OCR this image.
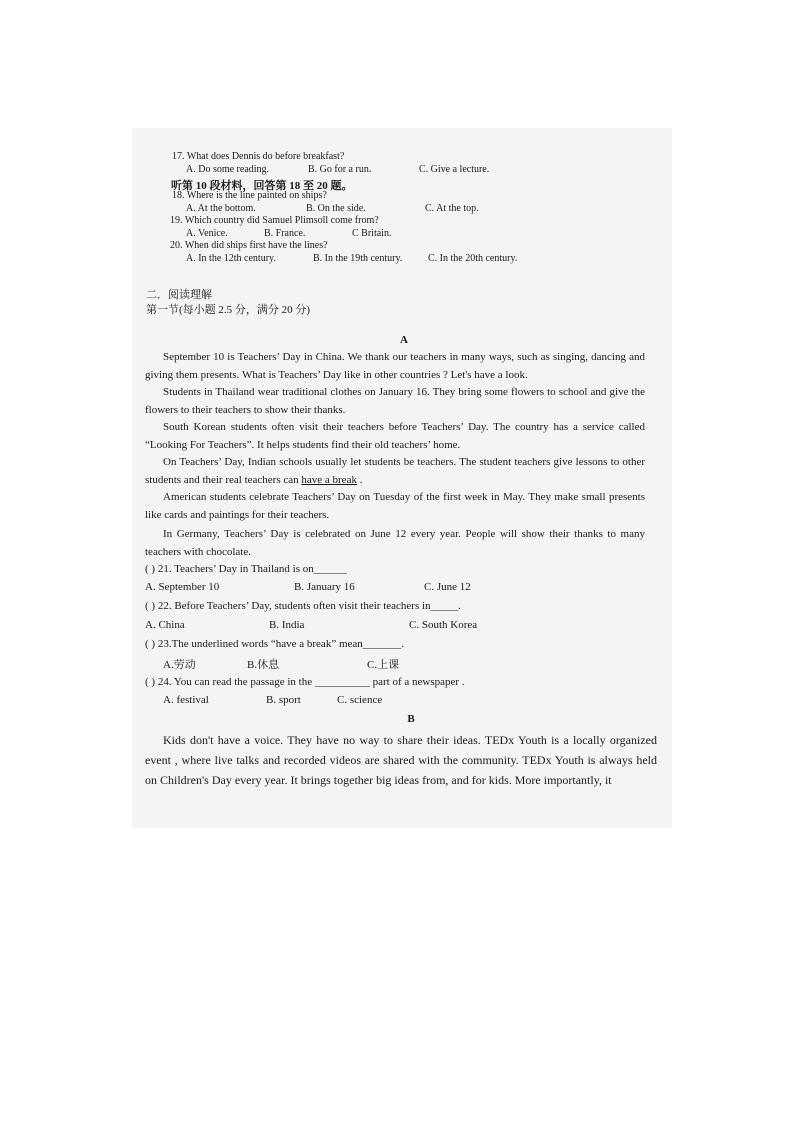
17. What does Dennis do before breakfast?
A. Do some reading.	B. Go for a run.	C. Give a lecture.
听第 10 段材料，回答第 18 至 20 题。
18. Where is the line painted on ships?
A. At the bottom.	B. On the side.	C. At the top.
19. Which country did Samuel Plimsoll come from?
A. Venice.	B. France.	C Britain.
20. When did ships first have the lines?
A. In the 12th century.	B. In the 19th century.	C. In the 20th century.
二．阅读理解
第一节(每小题 2.5 分，满分 20 分)
A
September 10 is Teachers’ Day in China. We thank our teachers in many ways, such as singing, dancing and giving them presents. What is Teachers’ Day like in other countries ? Let's have a look.
Students in Thailand wear traditional clothes on January 16. They bring some flowers to school and give the flowers to their teachers to show their thanks.
South Korean students often visit their teachers before Teachers’ Day. The country has a service called “Looking For Teachers”. It helps students find their old teachers’ home.
On Teachers’ Day, Indian schools usually let students be teachers. The student teachers give lessons to other students and their real teachers can have a break .
American students celebrate Teachers’ Day on Tuesday of the first week in May. They make small presents like cards and paintings for their teachers.
In Germany, Teachers’ Day is celebrated on June 12 every year. People will show their thanks to many teachers with chocolate.
( ) 21. Teachers’ Day in Thailand is on______
A. September 10	B. January 16	C. June 12
( ) 22. Before Teachers’ Day, students often visit their teachers in_____.
A. China	B. India	C. South Korea
( ) 23.The underlined words “have a break” mean_______.
A.劳动	B.休息	C.上课
( ) 24. You can read the passage in the __________ part of a newspaper .
A. festival	B. sport	C. science
B
Kids don't have a voice. They have no way to share their ideas. TEDx Youth is a locally organized event , where live talks and recorded videos are shared with the community. TEDx Youth is always held on Children's Day every year. It brings together big ideas from, and for kids. More importantly, it
